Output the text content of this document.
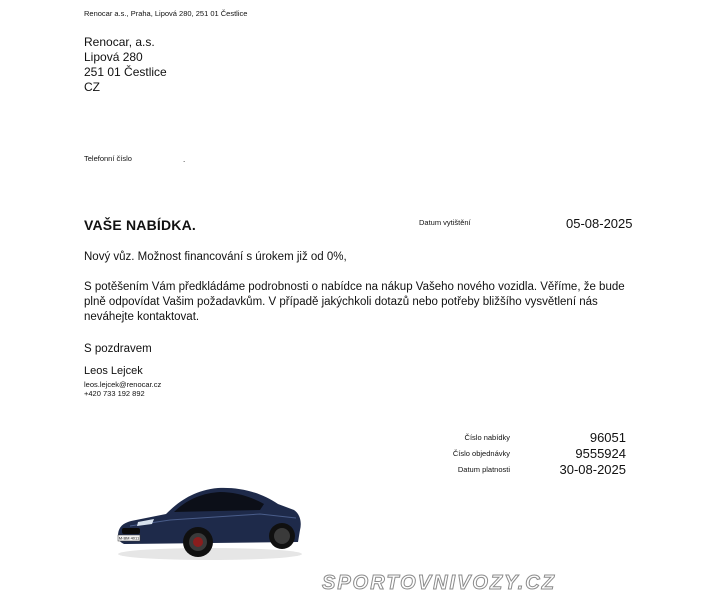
Renocar a.s., Praha, Lipová 280, 251 01 Čestlice
Renocar, a.s.
Lipová 280
251 01 Čestlice
CZ
Telefonní číslo	.
VAŠE NABÍDKA.	Datum vytištění	05-08-2025
Nový vůz. Možnost financování s úrokem již od 0%,
S potěšením Vám předkládáme podrobnosti o nabídce na nákup Vašeho nového vozidla. Věříme, že bude plně odpovídat Vašim požadavkům. V případě jakýchkoli dotazů nebo potřeby bližšího vysvětlení nás neváhejte kontaktovat.
S pozdravem
Leos Lejcek
leos.lejcek@renocar.cz
+420 733 192 892
Číslo nabídky	96051
Číslo objednávky	9555924
Datum platnosti	30-08-2025
M·BM 4011
SPORTOVNIVOZY.CZ
